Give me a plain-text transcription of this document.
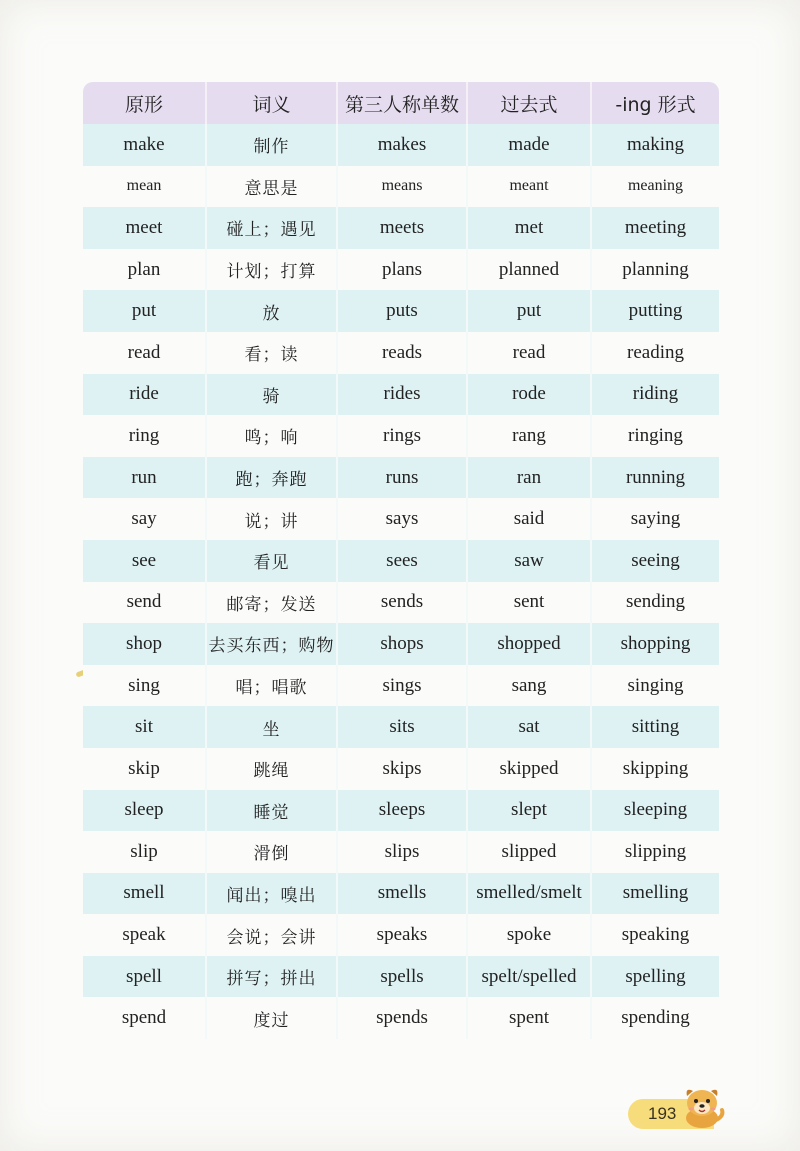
原形	词义	第三人称单数	过去式	-ing 形式
make	制作	makes	made	making
mean	意思是	means	meant	meaning
meet	碰上；遇见	meets	met	meeting
plan	计划；打算	plans	planned	planning
put	放	puts	put	putting
read	看；读	reads	read	reading
ride	骑	rides	rode	riding
ring	鸣；响	rings	rang	ringing
run	跑；奔跑	runs	ran	running
say	说；讲	says	said	saying
see	看见	sees	saw	seeing
send	邮寄；发送	sends	sent	sending
shop	去买东西；购物	shops	shopped	shopping
sing	唱；唱歌	sings	sang	singing
sit	坐	sits	sat	sitting
skip	跳绳	skips	skipped	skipping
sleep	睡觉	sleeps	slept	sleeping
slip	滑倒	slips	slipped	slipping
smell	闻出；嗅出	smells	smelled/smelt	smelling
speak	会说；会讲	speaks	spoke	speaking
spell	拼写；拼出	spells	spelt/spelled	spelling
spend	度过	spends	spent	spending
193
